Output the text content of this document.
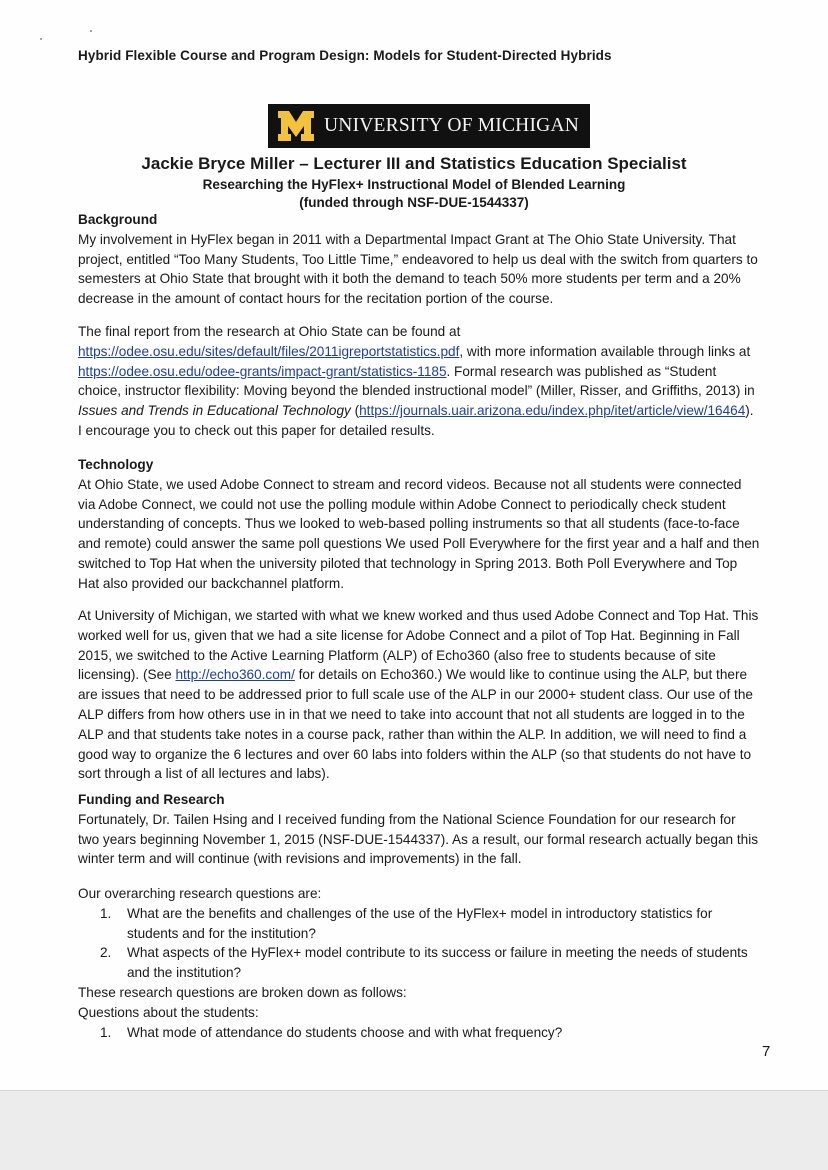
Hybrid Flexible Course and Program Design: Models for Student-Directed Hybrids
UNIVERSITY OF MICHIGAN
Jackie Bryce Miller – Lecturer III and Statistics Education Specialist
Researching the HyFlex+ Instructional Model of Blended Learning
(funded through NSF-DUE-1544337)
Background
My involvement in HyFlex began in 2011 with a Departmental Impact Grant at The Ohio State University. That
project, entitled “Too Many Students, Too Little Time,” endeavored to help us deal with the switch from quarters to
semesters at Ohio State that brought with it both the demand to teach 50% more students per term and a 20%
decrease in the amount of contact hours for the recitation portion of the course.
The final report from the research at Ohio State can be found at
https://odee.osu.edu/sites/default/files/2011igreportstatistics.pdf, with more information available through links at
https://odee.osu.edu/odee-grants/impact-grant/statistics-1185. Formal research was published as “Student
choice, instructor flexibility: Moving beyond the blended instructional model” (Miller, Risser, and Griffiths, 2013) in
Issues and Trends in Educational Technology (https://journals.uair.arizona.edu/index.php/itet/article/view/16464).
I encourage you to check out this paper for detailed results.
Technology
At Ohio State, we used Adobe Connect to stream and record videos. Because not all students were connected
via Adobe Connect, we could not use the polling module within Adobe Connect to periodically check student
understanding of concepts. Thus we looked to web-based polling instruments so that all students (face-to-face
and remote) could answer the same poll questions We used Poll Everywhere for the first year and a half and then
switched to Top Hat when the university piloted that technology in Spring 2013. Both Poll Everywhere and Top
Hat also provided our backchannel platform.
At University of Michigan, we started with what we knew worked and thus used Adobe Connect and Top Hat. This
worked well for us, given that we had a site license for Adobe Connect and a pilot of Top Hat. Beginning in Fall
2015, we switched to the Active Learning Platform (ALP) of Echo360 (also free to students because of site
licensing). (See http://echo360.com/ for details on Echo360.) We would like to continue using the ALP, but there
are issues that need to be addressed prior to full scale use of the ALP in our 2000+ student class. Our use of the
ALP differs from how others use in in that we need to take into account that not all students are logged in to the
ALP and that students take notes in a course pack, rather than within the ALP. In addition, we will need to find a
good way to organize the 6 lectures and over 60 labs into folders within the ALP (so that students do not have to
sort through a list of all lectures and labs).
Funding and Research
Fortunately, Dr. Tailen Hsing and I received funding from the National Science Foundation for our research for
two years beginning November 1, 2015 (NSF-DUE-1544337). As a result, our formal research actually began this
winter term and will continue (with revisions and improvements) in the fall.
Our overarching research questions are:
1. What are the benefits and challenges of the use of the HyFlex+ model in introductory statistics for
students and for the institution?
2. What aspects of the HyFlex+ model contribute to its success or failure in meeting the needs of students
and the institution?
These research questions are broken down as follows:
Questions about the students:
1. What mode of attendance do students choose and with what frequency?
7
